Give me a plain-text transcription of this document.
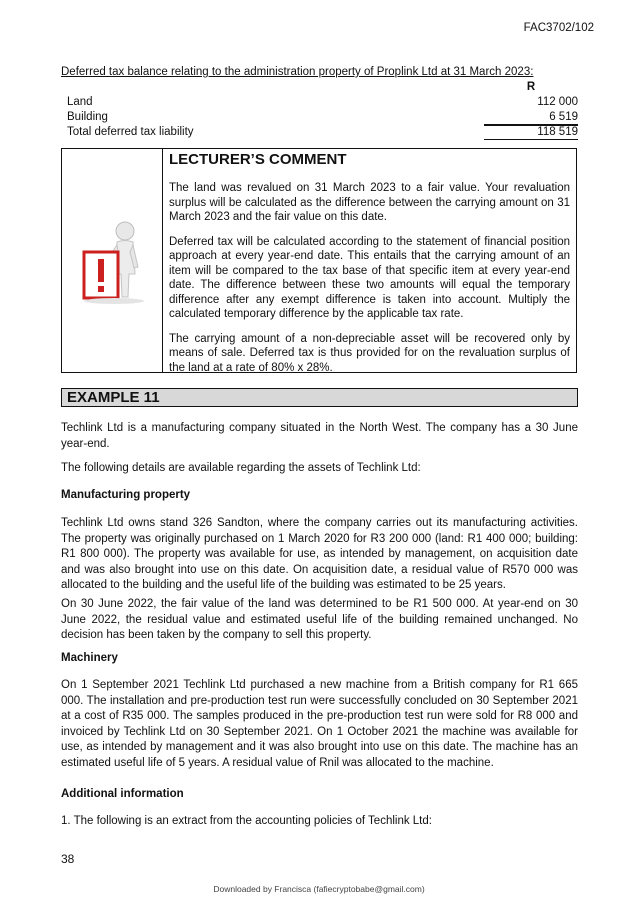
FAC3702/102
Deferred tax balance relating to the administration property of Proplink Ltd at 31 March 2023:
R
Land	112 000
Building	6 519
Total deferred tax liability	118 519
LECTURER’S COMMENT

The land was revalued on 31 March 2023 to a fair value. Your revaluation surplus will be calculated as the difference between the carrying amount on 31 March 2023 and the fair value on this date.

Deferred tax will be calculated according to the statement of financial position approach at every year-end date. This entails that the carrying amount of an item will be compared to the tax base of that specific item at every year-end date. The difference between these two amounts will equal the temporary difference after any exempt difference is taken into account. Multiply the calculated temporary difference by the applicable tax rate.

The carrying amount of a non-depreciable asset will be recovered only by means of sale. Deferred tax is thus provided for on the revaluation surplus of the land at a rate of 80% x 28%.

EXAMPLE 11

Techlink Ltd is a manufacturing company situated in the North West. The company has a 30 June year-end.

The following details are available regarding the assets of Techlink Ltd:

Manufacturing property

Techlink Ltd owns stand 326 Sandton, where the company carries out its manufacturing activities. The property was originally purchased on 1 March 2020 for R3 200 000 (land: R1 400 000; building: R1 800 000). The property was available for use, as intended by management, on acquisition date and was also brought into use on this date. On acquisition date, a residual value of R570 000 was allocated to the building and the useful life of the building was estimated to be 25 years.

On 30 June 2022, the fair value of the land was determined to be R1 500 000. At year-end on 30 June 2022, the residual value and estimated useful life of the building remained unchanged. No decision has been taken by the company to sell this property.

Machinery

On 1 September 2021 Techlink Ltd purchased a new machine from a British company for R1 665 000. The installation and pre-production test run were successfully concluded on 30 September 2021 at a cost of R35 000. The samples produced in the pre-production test run were sold for R8 000 and invoiced by Techlink Ltd on 30 September 2021. On 1 October 2021 the machine was available for use, as intended by management and it was also brought into use on this date. The machine has an estimated useful life of 5 years. A residual value of Rnil was allocated to the machine.

Additional information

1. The following is an extract from the accounting policies of Techlink Ltd:

38
Downloaded by Francisca (fafiecryptobabe@gmail.com)
